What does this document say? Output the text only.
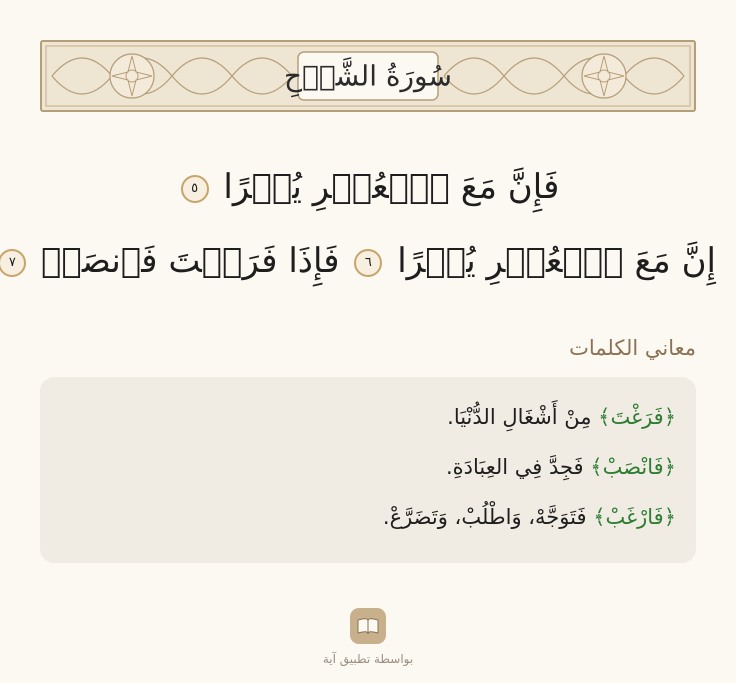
سُورَةُ الشَّرۡحِ
فَإِنَّ مَعَ ٱلۡعُسۡرِ يُسۡرًا ٥
إِنَّ مَعَ ٱلۡعُسۡرِ يُسۡرًا ٦ فَإِذَا فَرَغۡتَ فَٱنصَبۡ ٧
معاني الكلمات
﴿فَرَغْتَ﴾ مِنْ أَشْغَالِ الدُّنْيَا.
﴿فَانْصَبْ﴾ فَجِدَّ فِي العِبَادَةِ.
﴿فَارْغَبْ﴾ فَتَوَجَّهْ، وَاطْلُبْ، وَتَضَرَّعْ.
بواسطة تطبيق آية
